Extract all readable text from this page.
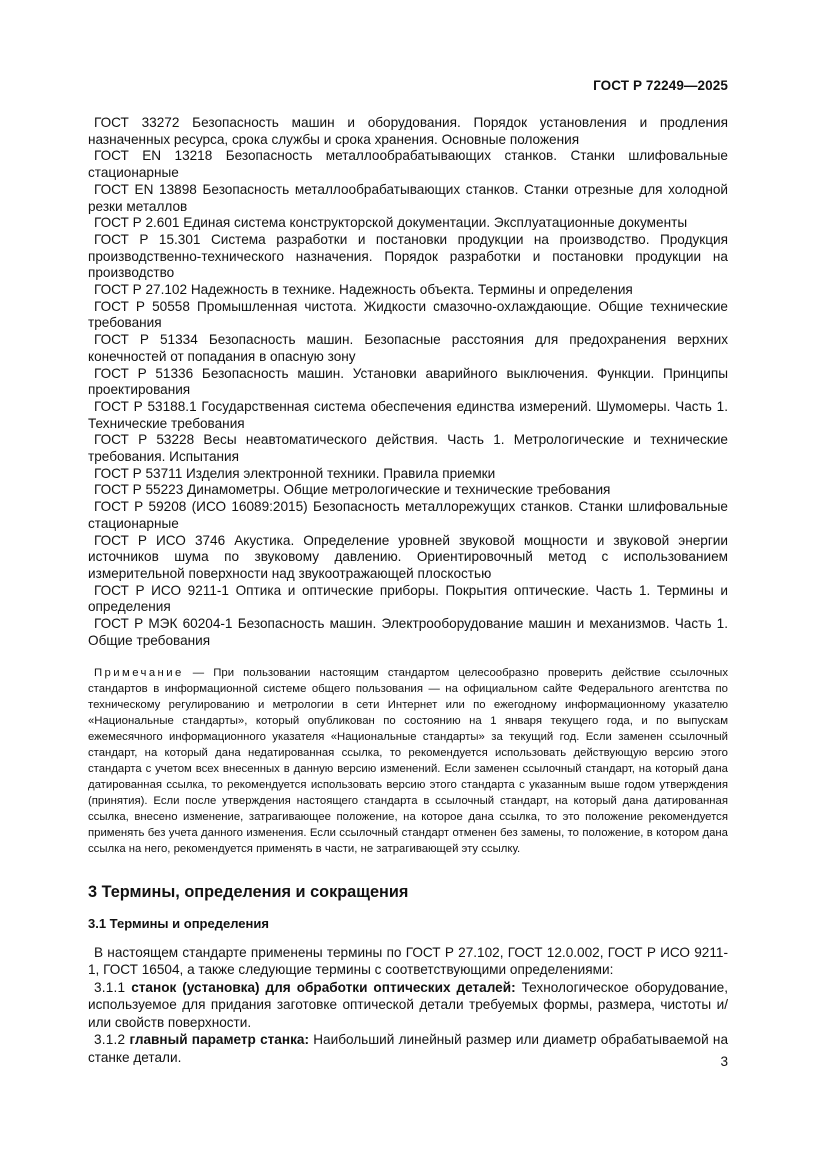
ГОСТ Р 72249—2025

ГОСТ 33272 Безопасность машин и оборудования. Порядок установления и продления назначенных ресурса, срока службы и срока хранения. Основные положения

ГОСТ EN 13218 Безопасность металлообрабатывающих станков. Станки шлифовальные стационарные

ГОСТ EN 13898 Безопасность металлообрабатывающих станков. Станки отрезные для холодной резки металлов

ГОСТ Р 2.601 Единая система конструкторской документации. Эксплуатационные документы

ГОСТ Р 15.301 Система разработки и постановки продукции на производство. Продукция производственно-технического назначения. Порядок разработки и постановки продукции на производство

ГОСТ Р 27.102 Надежность в технике. Надежность объекта. Термины и определения

ГОСТ Р 50558 Промышленная чистота. Жидкости смазочно-охлаждающие. Общие технические требования

ГОСТ Р 51334 Безопасность машин. Безопасные расстояния для предохранения верхних конечностей от попадания в опасную зону

ГОСТ Р 51336 Безопасность машин. Установки аварийного выключения. Функции. Принципы проектирования

ГОСТ Р 53188.1 Государственная система обеспечения единства измерений. Шумомеры. Часть 1. Технические требования

ГОСТ Р 53228 Весы неавтоматического действия. Часть 1. Метрологические и технические требования. Испытания

ГОСТ Р 53711 Изделия электронной техники. Правила приемки

ГОСТ Р 55223 Динамометры. Общие метрологические и технические требования

ГОСТ Р 59208 (ИСО 16089:2015) Безопасность металлорежущих станков. Станки шлифовальные стационарные

ГОСТ Р ИСО 3746 Акустика. Определение уровней звуковой мощности и звуковой энергии источников шума по звуковому давлению. Ориентировочный метод с использованием измерительной поверхности над звукоотражающей плоскостью

ГОСТ Р ИСО 9211-1 Оптика и оптические приборы. Покрытия оптические. Часть 1. Термины и определения

ГОСТ Р МЭК 60204-1 Безопасность машин. Электрооборудование машин и механизмов. Часть 1. Общие требования

Примечание — При пользовании настоящим стандартом целесообразно проверить действие ссылочных стандартов в информационной системе общего пользования — на официальном сайте Федерального агентства по техническому регулированию и метрологии в сети Интернет или по ежегодному информационному указателю «Национальные стандарты», который опубликован по состоянию на 1 января текущего года, и по выпускам ежемесячного информационного указателя «Национальные стандарты» за текущий год. Если заменен ссылочный стандарт, на который дана недатированная ссылка, то рекомендуется использовать действующую версию этого стандарта с учетом всех внесенных в данную версию изменений. Если заменен ссылочный стандарт, на который дана датированная ссылка, то рекомендуется использовать версию этого стандарта с указанным выше годом утверждения (принятия). Если после утверждения настоящего стандарта в ссылочный стандарт, на который дана датированная ссылка, внесено изменение, затрагивающее положение, на которое дана ссылка, то это положение рекомендуется применять без учета данного изменения. Если ссылочный стандарт отменен без замены, то положение, в котором дана ссылка на него, рекомендуется применять в части, не затрагивающей эту ссылку.

3 Термины, определения и сокращения
3.1 Термины и определения

В настоящем стандарте применены термины по ГОСТ Р 27.102, ГОСТ 12.0.002, ГОСТ Р ИСО 9211-1, ГОСТ 16504, а также следующие термины с соответствующими определениями:

3.1.1 станок (установка) для обработки оптических деталей: Технологическое оборудование, используемое для придания заготовке оптической детали требуемых формы, размера, чистоты и/или свойств поверхности.

3.1.2 главный параметр станка: Наибольший линейный размер или диаметр обрабатываемой на станке детали.	3
